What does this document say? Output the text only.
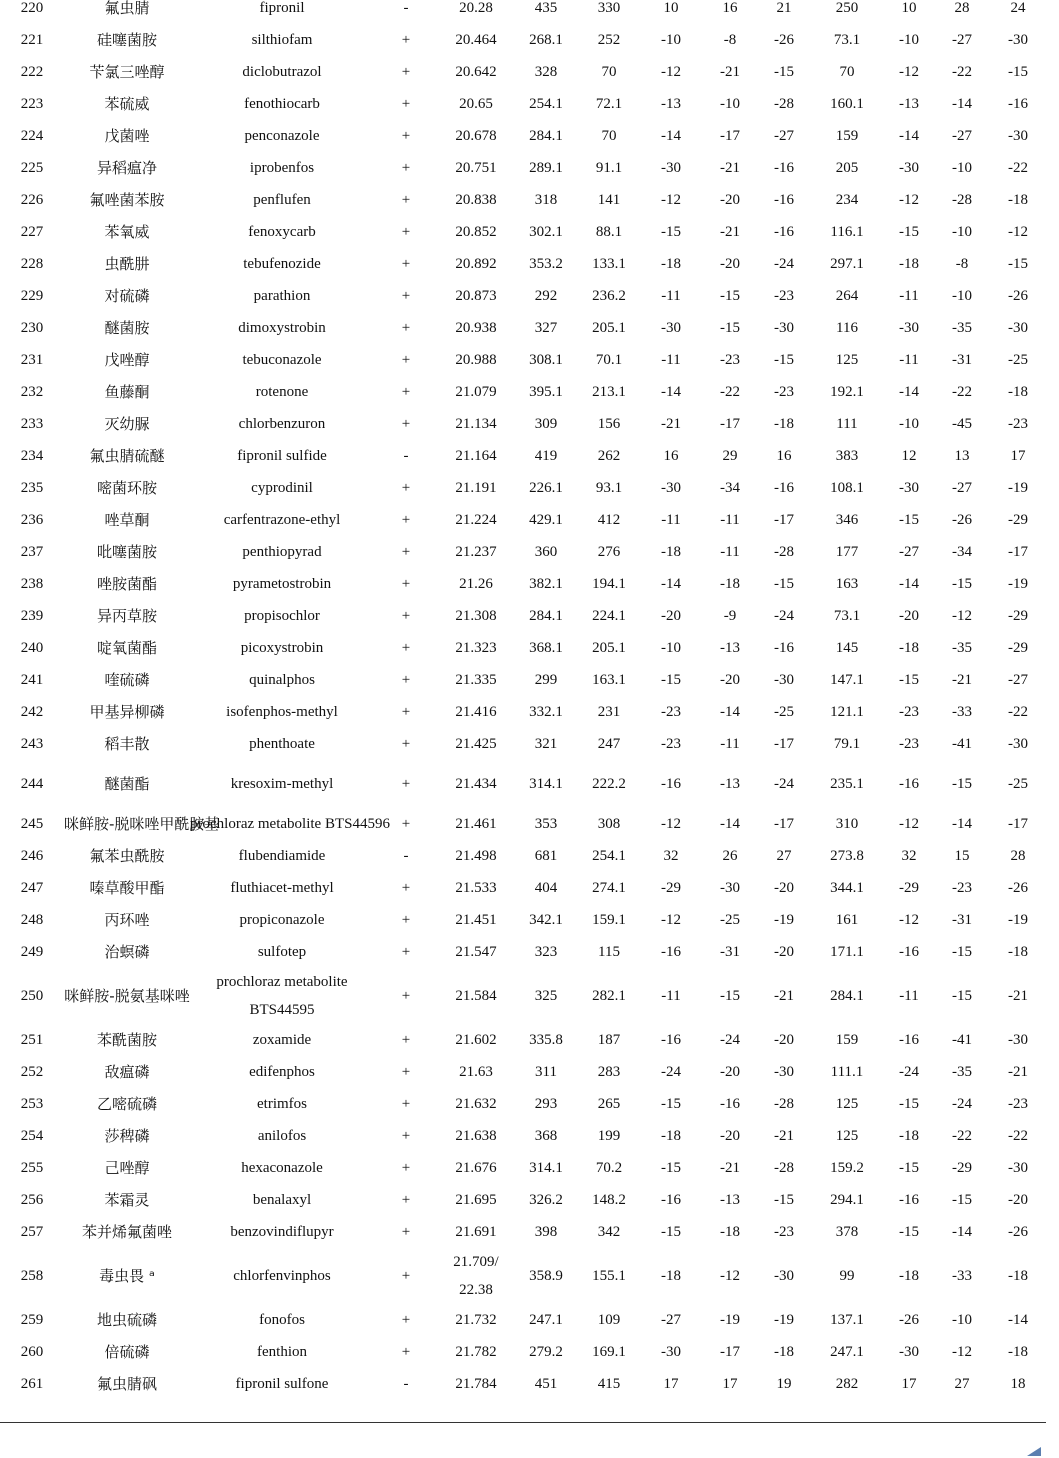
220	氟虫腈	fipronil	-	20.28	435	330	10	16	21	250	10	28	24
221	硅噻菌胺	silthiofam	+	20.464	268.1	252	-10	-8	-26	73.1	-10	-27	-30
222	苄氯三唑醇	diclobutrazol	+	20.642	328	70	-12	-21	-15	70	-12	-22	-15
223	苯硫威	fenothiocarb	+	20.65	254.1	72.1	-13	-10	-28	160.1	-13	-14	-16
224	戊菌唑	penconazole	+	20.678	284.1	70	-14	-17	-27	159	-14	-27	-30
225	异稻瘟净	iprobenfos	+	20.751	289.1	91.1	-30	-21	-16	205	-30	-10	-22
226	氟唑菌苯胺	penflufen	+	20.838	318	141	-12	-20	-16	234	-12	-28	-18
227	苯氧威	fenoxycarb	+	20.852	302.1	88.1	-15	-21	-16	116.1	-15	-10	-12
228	虫酰肼	tebufenozide	+	20.892	353.2	133.1	-18	-20	-24	297.1	-18	-8	-15
229	对硫磷	parathion	+	20.873	292	236.2	-11	-15	-23	264	-11	-10	-26
230	醚菌胺	dimoxystrobin	+	20.938	327	205.1	-30	-15	-30	116	-30	-35	-30
231	戊唑醇	tebuconazole	+	20.988	308.1	70.1	-11	-23	-15	125	-11	-31	-25
232	鱼藤酮	rotenone	+	21.079	395.1	213.1	-14	-22	-23	192.1	-14	-22	-18
233	灭幼脲	chlorbenzuron	+	21.134	309	156	-21	-17	-18	111	-10	-45	-23
234	氟虫腈硫醚	fipronil sulfide	-	21.164	419	262	16	29	16	383	12	13	17
235	嘧菌环胺	cyprodinil	+	21.191	226.1	93.1	-30	-34	-16	108.1	-30	-27	-19
236	唑草酮	carfentrazone-ethyl	+	21.224	429.1	412	-11	-11	-17	346	-15	-26	-29
237	吡噻菌胺	penthiopyrad	+	21.237	360	276	-18	-11	-28	177	-27	-34	-17
238	唑胺菌酯	pyrametostrobin	+	21.26	382.1	194.1	-14	-18	-15	163	-14	-15	-19
239	异丙草胺	propisochlor	+	21.308	284.1	224.1	-20	-9	-24	73.1	-20	-12	-29
240	啶氧菌酯	picoxystrobin	+	21.323	368.1	205.1	-10	-13	-16	145	-18	-35	-29
241	喹硫磷	quinalphos	+	21.335	299	163.1	-15	-20	-30	147.1	-15	-21	-27
242	甲基异柳磷	isofenphos-methyl	+	21.416	332.1	231	-23	-14	-25	121.1	-23	-33	-22
243	稻丰散	phenthoate	+	21.425	321	247	-23	-11	-17	79.1	-23	-41	-30
244	醚菌酯	kresoxim-methyl	+	21.434	314.1	222.2	-16	-13	-24	235.1	-16	-15	-25
245	咪鲜胺-脱咪唑甲酰胺基	prochloraz metabolite BTS44596	+	21.461	353	308	-12	-14	-17	310	-12	-14	-17
246	氟苯虫酰胺	flubendiamide	-	21.498	681	254.1	32	26	27	273.8	32	15	28
247	嗪草酸甲酯	fluthiacet-methyl	+	21.533	404	274.1	-29	-30	-20	344.1	-29	-23	-26
248	丙环唑	propiconazole	+	21.451	342.1	159.1	-12	-25	-19	161	-12	-31	-19
249	治螟磷	sulfotep	+	21.547	323	115	-16	-31	-20	171.1	-16	-15	-18
250	咪鲜胺-脱氨基咪唑	prochloraz metabolite BTS44595	+	21.584	325	282.1	-11	-15	-21	284.1	-11	-15	-21
251	苯酰菌胺	zoxamide	+	21.602	335.8	187	-16	-24	-20	159	-16	-41	-30
252	敌瘟磷	edifenphos	+	21.63	311	283	-24	-20	-30	111.1	-24	-35	-21
253	乙嘧硫磷	etrimfos	+	21.632	293	265	-15	-16	-28	125	-15	-24	-23
254	莎稗磷	anilofos	+	21.638	368	199	-18	-20	-21	125	-18	-22	-22
255	己唑醇	hexaconazole	+	21.676	314.1	70.2	-15	-21	-28	159.2	-15	-29	-30
256	苯霜灵	benalaxyl	+	21.695	326.2	148.2	-16	-13	-15	294.1	-16	-15	-20
257	苯并烯氟菌唑	benzovindiflupyr	+	21.691	398	342	-15	-18	-23	378	-15	-14	-26
258	毒虫畏 ᵃ	chlorfenvinphos	+	21.709/ 22.38	358.9	155.1	-18	-12	-30	99	-18	-33	-18
259	地虫硫磷	fonofos	+	21.732	247.1	109	-27	-19	-19	137.1	-26	-10	-14
260	倍硫磷	fenthion	+	21.782	279.2	169.1	-30	-17	-18	247.1	-30	-12	-18
261	氟虫腈砜	fipronil sulfone	-	21.784	451	415	17	17	19	282	17	27	18
